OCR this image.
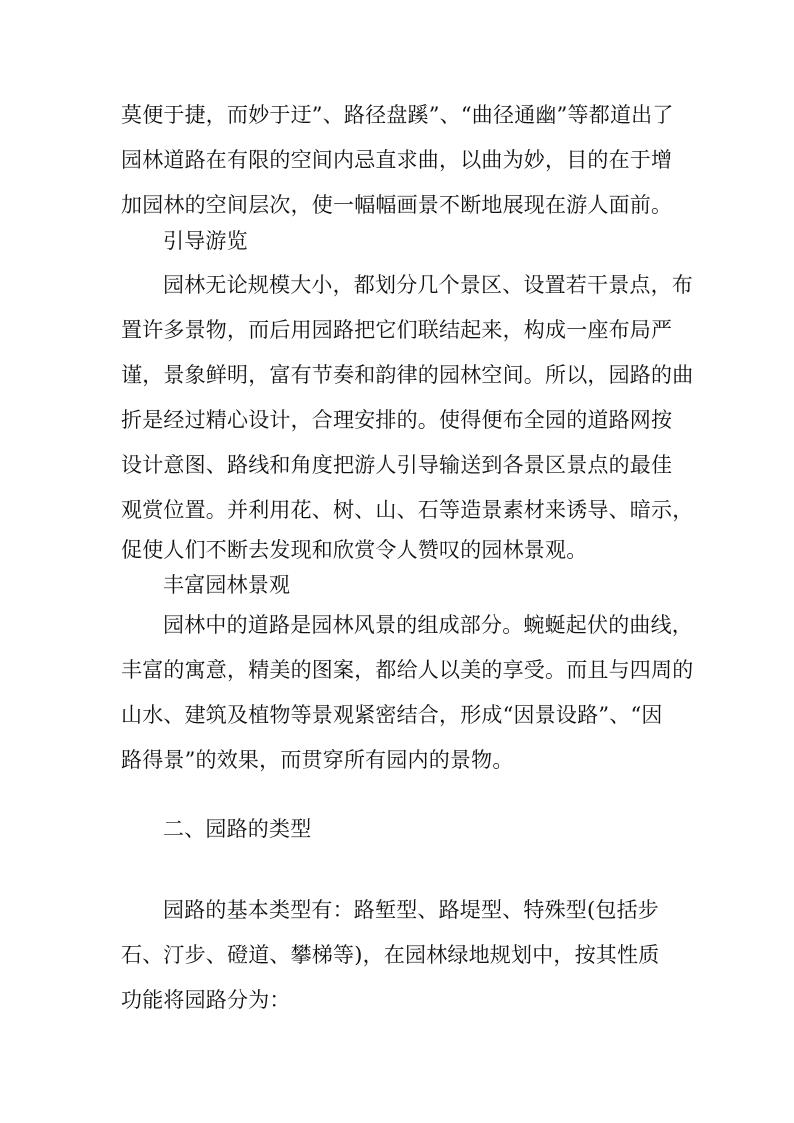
莫便于捷，而妙于迂”、路径盘蹊”、“曲径通幽”等都道出了
园林道路在有限的空间内忌直求曲，以曲为妙，目的在于增
加园林的空间层次，使一幅幅画景不断地展现在游人面前。
引导游览
园林无论规模大小，都划分几个景区、设置若干景点，布
置许多景物，而后用园路把它们联结起来，构成一座布局严
谨，景象鲜明，富有节奏和韵律的园林空间。所以，园路的曲
折是经过精心设计，合理安排的。使得便布全园的道路网按
设计意图、路线和角度把游人引导输送到各景区景点的最佳
观赏位置。并利用花、树、山、石等造景素材来诱导、暗示，
促使人们不断去发现和欣赏令人赞叹的园林景观。
丰富园林景观
园林中的道路是园林风景的组成部分。蜿蜒起伏的曲线，
丰富的寓意，精美的图案，都给人以美的享受。而且与四周的
山水、建筑及植物等景观紧密结合，形成“因景设路”、“因
路得景”的效果，而贯穿所有园内的景物。
二、园路的类型
园路的基本类型有：路堑型、路堤型、特殊型(包括步
石、汀步、磴道、攀梯等)，在园林绿地规划中，按其性质
功能将园路分为：
